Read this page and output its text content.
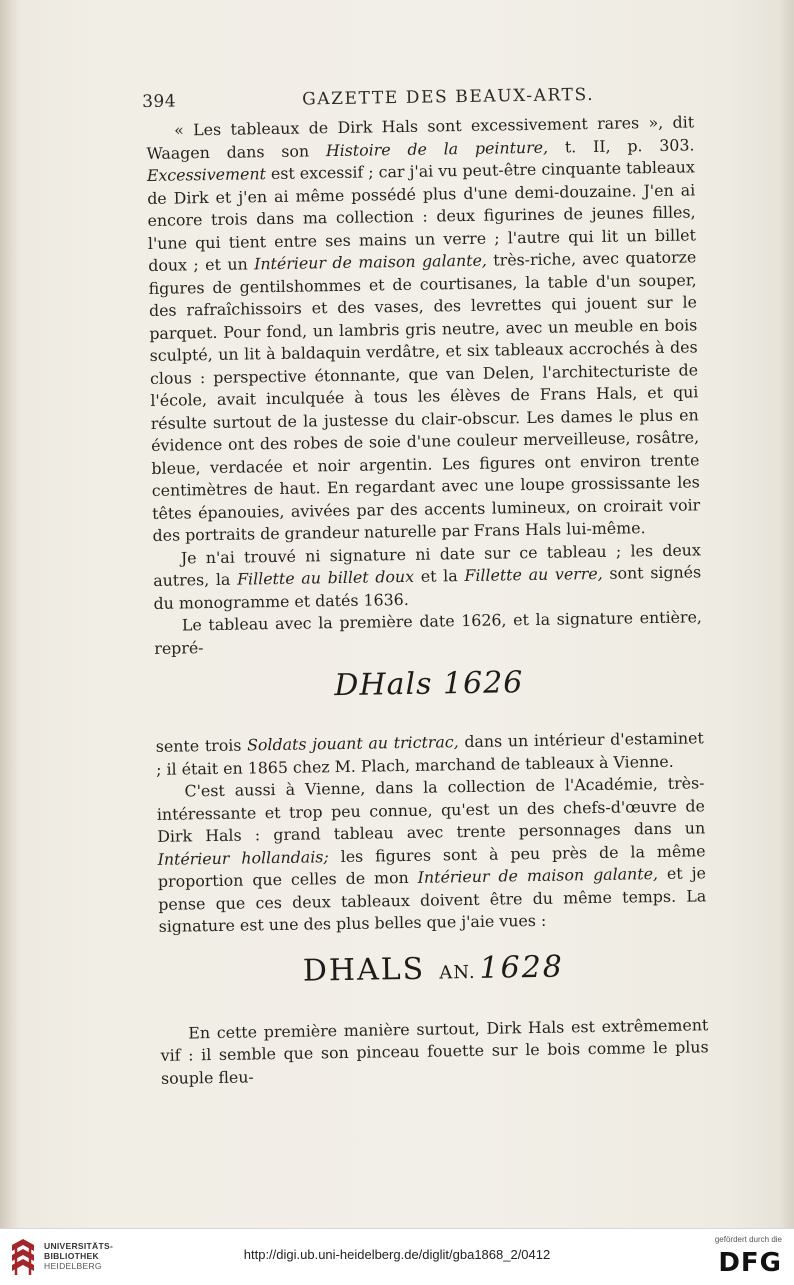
394	GAZETTE DES BEAUX-ARTS.

« Les tableaux de Dirk Hals sont excessivement rares », dit Waagen dans son Histoire de la peinture, t. II, p. 303. Excessivement est excessif ; car j'ai vu peut-être cinquante tableaux de Dirk et j'en ai même possédé plus d'une demi-douzaine. J'en ai encore trois dans ma collection : deux figurines de jeunes filles, l'une qui tient entre ses mains un verre ; l'autre qui lit un billet doux ; et un Intérieur de maison galante, très-riche, avec quatorze figures de gentilshommes et de courtisanes, la table d'un souper, des rafraîchissoirs et des vases, des levrettes qui jouent sur le parquet. Pour fond, un lambris gris neutre, avec un meuble en bois sculpté, un lit à baldaquin verdâtre, et six tableaux accrochés à des clous : perspective étonnante, que van Delen, l'architecturiste de l'école, avait inculquée à tous les élèves de Frans Hals, et qui résulte surtout de la justesse du clair-obscur. Les dames le plus en évidence ont des robes de soie d'une couleur merveilleuse, rosâtre, bleue, verdacée et noir argentin. Les figures ont environ trente centimètres de haut. En regardant avec une loupe grossissante les têtes épanouies, avivées par des accents lumineux, on croirait voir des portraits de grandeur naturelle par Frans Hals lui-même.

Je n'ai trouvé ni signature ni date sur ce tableau ; les deux autres, la Fillette au billet doux et la Fillette au verre, sont signés du monogramme et datés 1636.

Le tableau avec la première date 1626, et la signature entière, repré-

DHals 1626

sente trois Soldats jouant au trictrac, dans un intérieur d'estaminet ; il était en 1865 chez M. Plach, marchand de tableaux à Vienne.

C'est aussi à Vienne, dans la collection de l'Académie, très-intéressante et trop peu connue, qu'est un des chefs-d'œuvre de Dirk Hals : grand tableau avec trente personnages dans un Intérieur hollandais; les figures sont à peu près de la même proportion que celles de mon Intérieur de maison galante, et je pense que ces deux tableaux doivent être du même temps. La signature est une des plus belles que j'aie vues :

DHALS AN. 1628

En cette première manière surtout, Dirk Hals est extrêmement vif : il semble que son pinceau fouette sur le bois comme le plus souple fleu-

UNIVERSITÄTS-
BIBLIOTHEK
HEIDELBERG
http://digi.ub.uni-heidelberg.de/diglit/gba1868_2/0412
gefördert durch die
DFG
